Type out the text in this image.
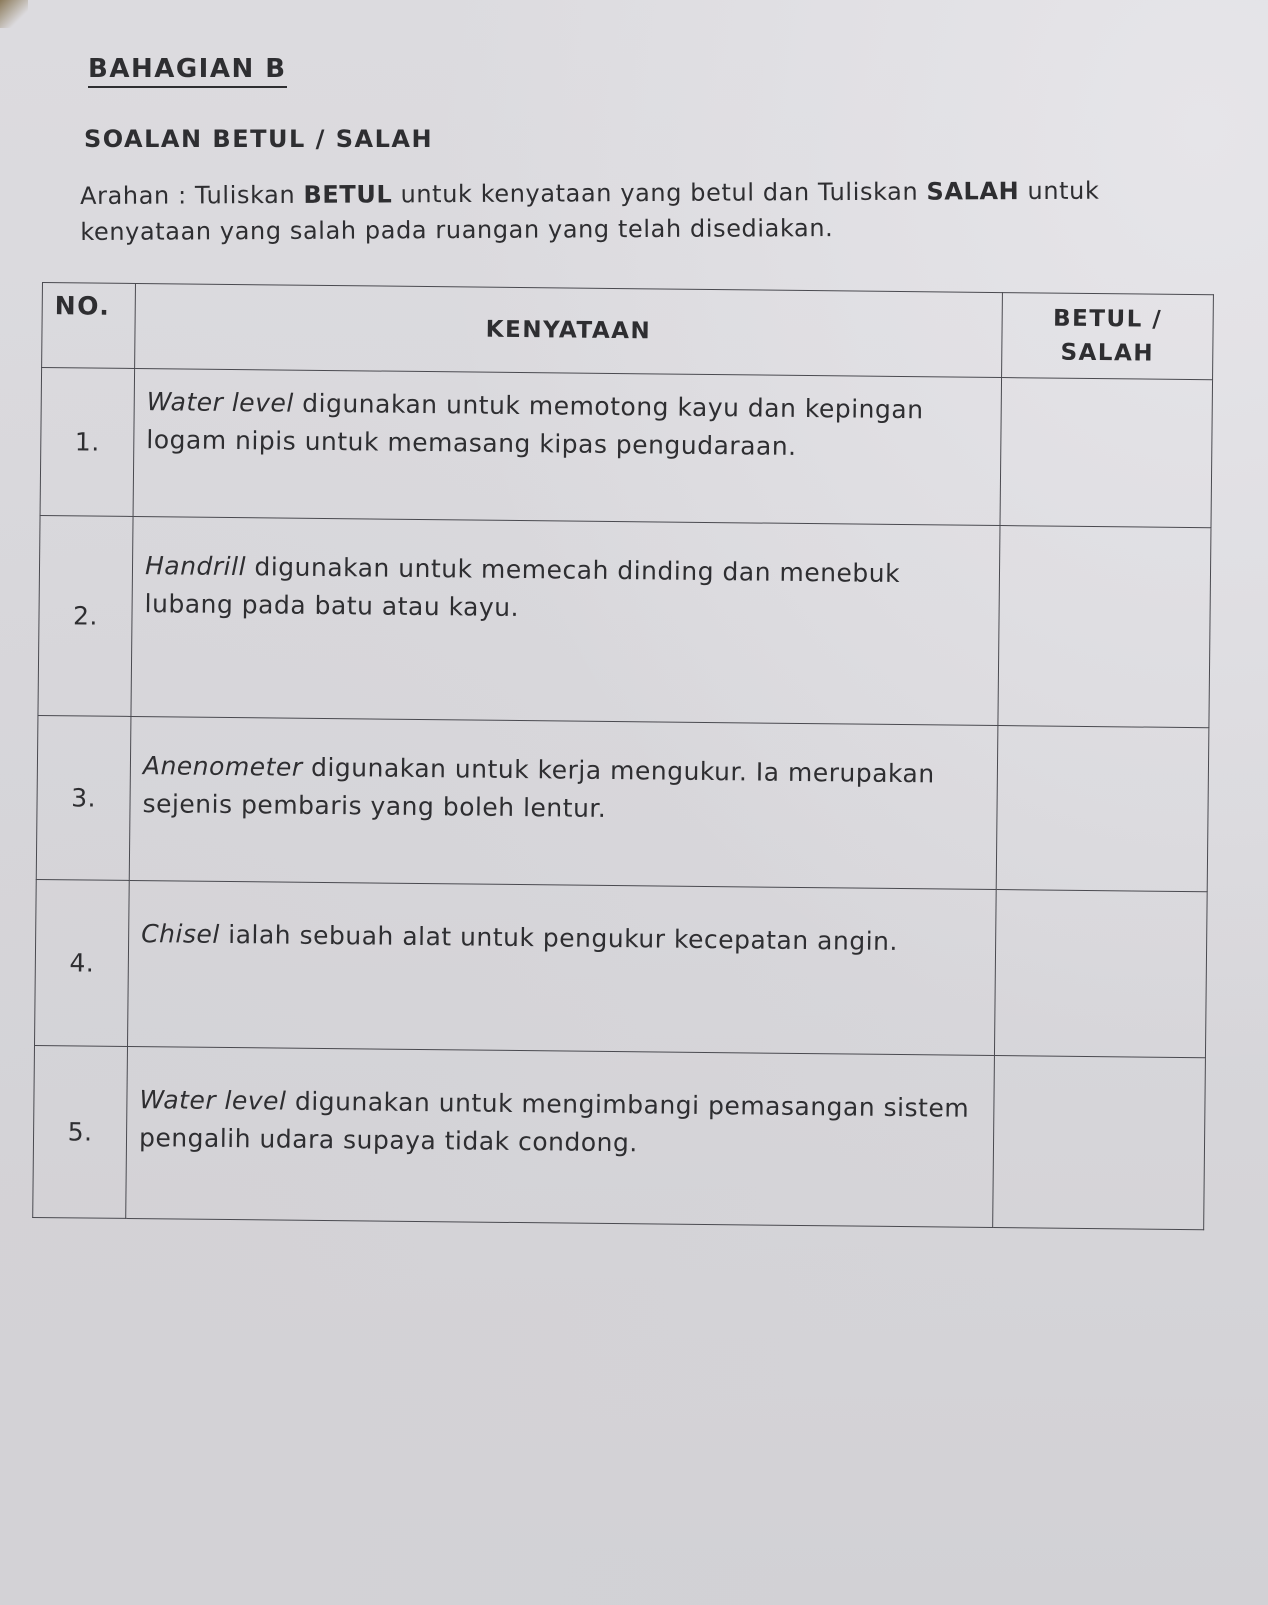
BAHAGIAN B
SOALAN BETUL / SALAH

Arahan : Tuliskan BETUL untuk kenyataan yang betul dan Tuliskan SALAH untuk kenyataan yang salah pada ruangan yang telah disediakan.

NO.	KENYATAAN	BETUL /
SALAH
1.	Water level digunakan untuk memotong kayu dan kepingan logam nipis untuk memasang kipas pengudaraan.	
2.	Handrill digunakan untuk memecah dinding dan menebuk lubang pada batu atau kayu.	
3.	Anenometer digunakan untuk kerja mengukur. Ia merupakan sejenis pembaris yang boleh lentur.	
4.	Chisel ialah sebuah alat untuk pengukur kecepatan angin.	
5.	Water level digunakan untuk mengimbangi pemasangan sistem pengalih udara supaya tidak condong.	
